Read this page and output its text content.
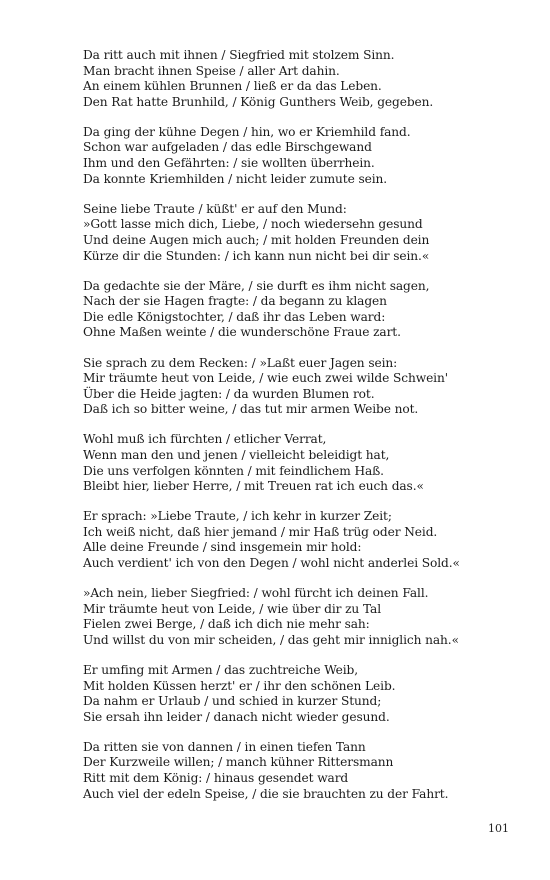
Da ritt auch mit ihnen / Siegfried mit stolzem Sinn.
Man bracht ihnen Speise / aller Art dahin.
An einem kühlen Brunnen / ließ er da das Leben.
Den Rat hatte Brunhild, / König Gunthers Weib, gegeben.
Da ging der kühne Degen / hin, wo er Kriemhild fand.
Schon war aufgeladen / das edle Birschgewand
Ihm und den Gefährten: / sie wollten überrhein.
Da konnte Kriemhilden / nicht leider zumute sein.
Seine liebe Traute / küßt' er auf den Mund:
»Gott lasse mich dich, Liebe, / noch wiedersehn gesund
Und deine Augen mich auch; / mit holden Freunden dein
Kürze dir die Stunden: / ich kann nun nicht bei dir sein.«
Da gedachte sie der Märe, / sie durft es ihm nicht sagen,
Nach der sie Hagen fragte: / da begann zu klagen
Die edle Königstochter, / daß ihr das Leben ward:
Ohne Maßen weinte / die wunderschöne Fraue zart.
Sie sprach zu dem Recken: / »Laßt euer Jagen sein:
Mir träumte heut von Leide, / wie euch zwei wilde Schwein'
Über die Heide jagten: / da wurden Blumen rot.
Daß ich so bitter weine, / das tut mir armen Weibe not.
Wohl muß ich fürchten / etlicher Verrat,
Wenn man den und jenen / vielleicht beleidigt hat,
Die uns verfolgen könnten / mit feindlichem Haß.
Bleibt hier, lieber Herre, / mit Treuen rat ich euch das.«
Er sprach: »Liebe Traute, / ich kehr in kurzer Zeit;
Ich weiß nicht, daß hier jemand / mir Haß trüg oder Neid.
Alle deine Freunde / sind insgemein mir hold:
Auch verdient' ich von den Degen / wohl nicht anderlei Sold.«
»Ach nein, lieber Siegfried: / wohl fürcht ich deinen Fall.
Mir träumte heut von Leide, / wie über dir zu Tal
Fielen zwei Berge, / daß ich dich nie mehr sah:
Und willst du von mir scheiden, / das geht mir inniglich nah.«
Er umfing mit Armen / das zuchtreiche Weib,
Mit holden Küssen herzt' er / ihr den schönen Leib.
Da nahm er Urlaub / und schied in kurzer Stund;
Sie ersah ihn leider / danach nicht wieder gesund.
Da ritten sie von dannen / in einen tiefen Tann
Der Kurzweile willen; / manch kühner Rittersmann
Ritt mit dem König: / hinaus gesendet ward
Auch viel der edeln Speise, / die sie brauchten zu der Fahrt.
101
